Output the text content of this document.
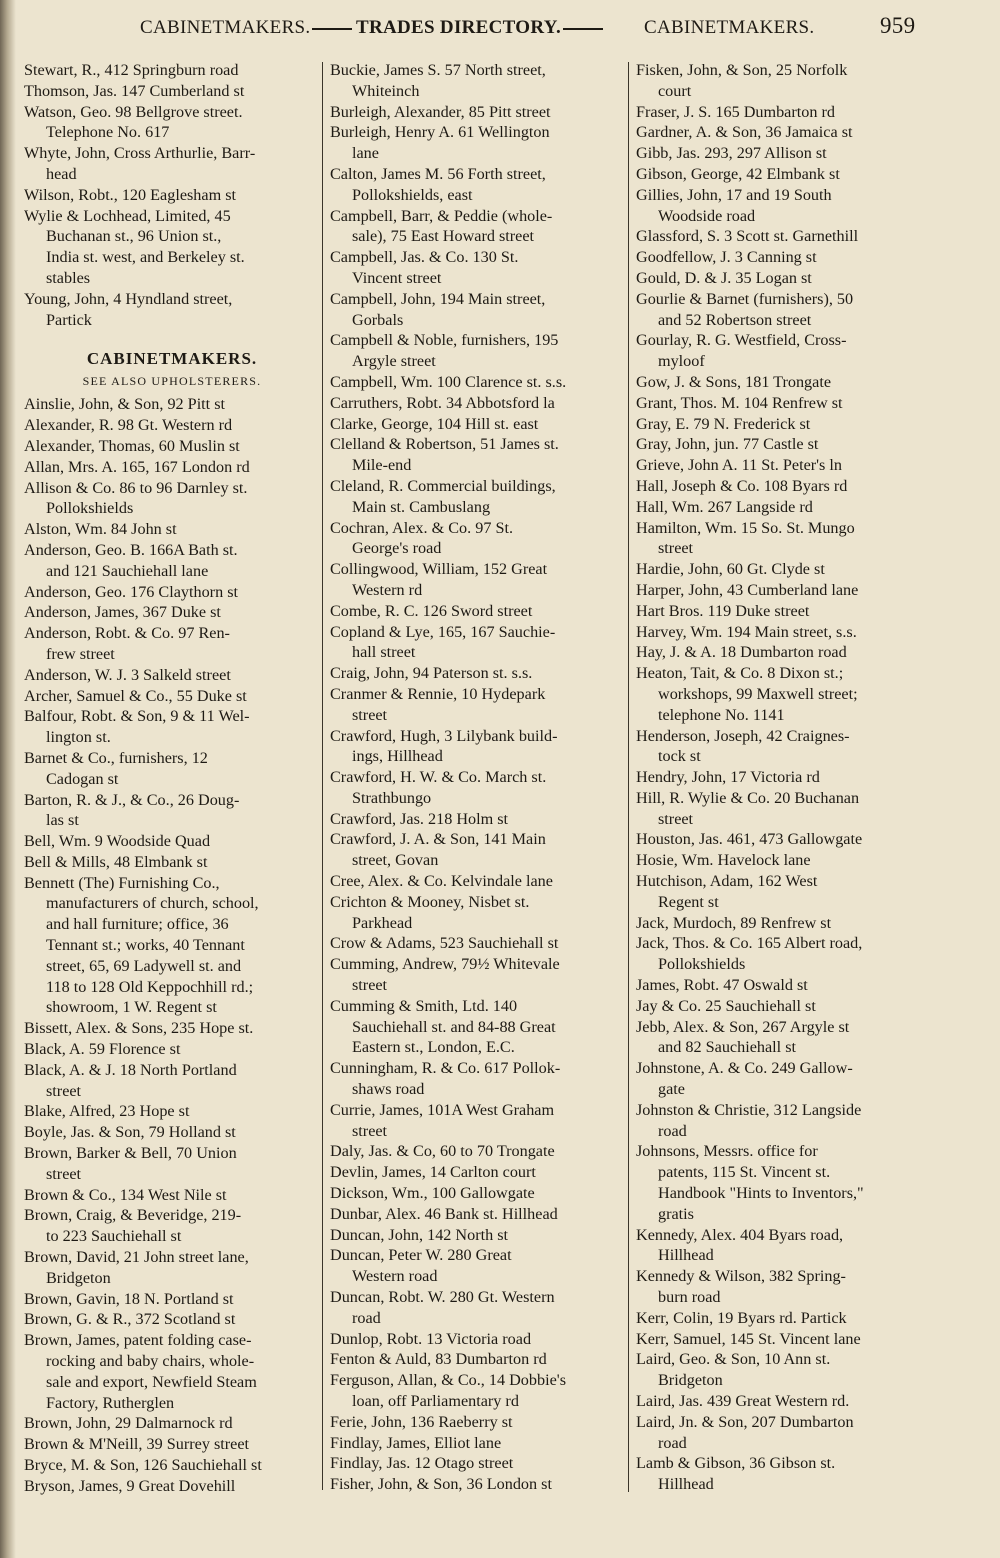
CABINETMAKERS.	TRADES DIRECTORY.	CABINETMAKERS.	959
Stewart, R., 412 Springburn road
Thomson, Jas. 147 Cumberland st
Watson, Geo. 98 Bellgrove street.
Telephone No. 617
Whyte, John, Cross Arthurlie, Barr-
head
Wilson, Robt., 120 Eaglesham st
Wylie & Lochhead, Limited, 45
Buchanan st., 96 Union st.,
India st. west, and Berkeley st.
stables
Young, John, 4 Hyndland street,
Partick
CABINETMAKERS.
SEE ALSO UPHOLSTERERS.
Ainslie, John, & Son, 92 Pitt st
Alexander, R. 98 Gt. Western rd
Alexander, Thomas, 60 Muslin st
Allan, Mrs. A. 165, 167 London rd
Allison & Co. 86 to 96 Darnley st.
Pollokshields
Alston, Wm. 84 John st
Anderson, Geo. B. 166A Bath st.
and 121 Sauchiehall lane
Anderson, Geo. 176 Claythorn st
Anderson, James, 367 Duke st
Anderson, Robt. & Co. 97 Ren-
frew street
Anderson, W. J. 3 Salkeld street
Archer, Samuel & Co., 55 Duke st
Balfour, Robt. & Son, 9 & 11 Wel-
lington st.
Barnet & Co., furnishers, 12
Cadogan st
Barton, R. & J., & Co., 26 Doug-
las st
Bell, Wm. 9 Woodside Quad
Bell & Mills, 48 Elmbank st
Bennett (The) Furnishing Co.,
manufacturers of church, school,
and hall furniture; office, 36
Tennant st.; works, 40 Tennant
street, 65, 69 Ladywell st. and
118 to 128 Old Keppochhill rd.;
showroom, 1 W. Regent st
Bissett, Alex. & Sons, 235 Hope st.
Black, A. 59 Florence st
Black, A. & J. 18 North Portland
street
Blake, Alfred, 23 Hope st
Boyle, Jas. & Son, 79 Holland st
Brown, Barker & Bell, 70 Union
street
Brown & Co., 134 West Nile st
Brown, Craig, & Beveridge, 219-
to 223 Sauchiehall st
Brown, David, 21 John street lane,
Bridgeton
Brown, Gavin, 18 N. Portland st
Brown, G. & R., 372 Scotland st
Brown, James, patent folding case-
rocking and baby chairs, whole-
sale and export, Newfield Steam
Factory, Rutherglen
Brown, John, 29 Dalmarnock rd
Brown & M'Neill, 39 Surrey street
Bryce, M. & Son, 126 Sauchiehall st
Bryson, James, 9 Great Dovehill
Buckie, James S. 57 North street,
Whiteinch
Burleigh, Alexander, 85 Pitt street
Burleigh, Henry A. 61 Wellington
lane
Calton, James M. 56 Forth street,
Pollokshields, east
Campbell, Barr, & Peddie (whole-
sale), 75 East Howard street
Campbell, Jas. & Co. 130 St.
Vincent street
Campbell, John, 194 Main street,
Gorbals
Campbell & Noble, furnishers, 195
Argyle street
Campbell, Wm. 100 Clarence st. s.s.
Carruthers, Robt. 34 Abbotsford la
Clarke, George, 104 Hill st. east
Clelland & Robertson, 51 James st.
Mile-end
Cleland, R. Commercial buildings,
Main st. Cambuslang
Cochran, Alex. & Co. 97 St.
George's road
Collingwood, William, 152 Great
Western rd
Combe, R. C. 126 Sword street
Copland & Lye, 165, 167 Sauchie-
hall street
Craig, John, 94 Paterson st. s.s.
Cranmer & Rennie, 10 Hydepark
street
Crawford, Hugh, 3 Lilybank build-
ings, Hillhead
Crawford, H. W. & Co. March st.
Strathbungo
Crawford, Jas. 218 Holm st
Crawford, J. A. & Son, 141 Main
street, Govan
Cree, Alex. & Co. Kelvindale lane
Crichton & Mooney, Nisbet st.
Parkhead
Crow & Adams, 523 Sauchiehall st
Cumming, Andrew, 79½ Whitevale
street
Cumming & Smith, Ltd. 140
Sauchiehall st. and 84-88 Great
Eastern st., London, E.C.
Cunningham, R. & Co. 617 Pollok-
shaws road
Currie, James, 101A West Graham
street
Daly, Jas. & Co, 60 to 70 Trongate
Devlin, James, 14 Carlton court
Dickson, Wm., 100 Gallowgate
Dunbar, Alex. 46 Bank st. Hillhead
Duncan, John, 142 North st
Duncan, Peter W. 280 Great
Western road
Duncan, Robt. W. 280 Gt. Western
road
Dunlop, Robt. 13 Victoria road
Fenton & Auld, 83 Dumbarton rd
Ferguson, Allan, & Co., 14 Dobbie's
loan, off Parliamentary rd
Ferie, John, 136 Raeberry st
Findlay, James, Elliot lane
Findlay, Jas. 12 Otago street
Fisher, John, & Son, 36 London st
Fisken, John, & Son, 25 Norfolk
court
Fraser, J. S. 165 Dumbarton rd
Gardner, A. & Son, 36 Jamaica st
Gibb, Jas. 293, 297 Allison st
Gibson, George, 42 Elmbank st
Gillies, John, 17 and 19 South
Woodside road
Glassford, S. 3 Scott st. Garnethill
Goodfellow, J. 3 Canning st
Gould, D. & J. 35 Logan st
Gourlie & Barnet (furnishers), 50
and 52 Robertson street
Gourlay, R. G. Westfield, Cross-
myloof
Gow, J. & Sons, 181 Trongate
Grant, Thos. M. 104 Renfrew st
Gray, E. 79 N. Frederick st
Gray, John, jun. 77 Castle st
Grieve, John A. 11 St. Peter's ln
Hall, Joseph & Co. 108 Byars rd
Hall, Wm. 267 Langside rd
Hamilton, Wm. 15 So. St. Mungo
street
Hardie, John, 60 Gt. Clyde st
Harper, John, 43 Cumberland lane
Hart Bros. 119 Duke street
Harvey, Wm. 194 Main street, s.s.
Hay, J. & A. 18 Dumbarton road
Heaton, Tait, & Co. 8 Dixon st.;
workshops, 99 Maxwell street;
telephone No. 1141
Henderson, Joseph, 42 Craignes-
tock st
Hendry, John, 17 Victoria rd
Hill, R. Wylie & Co. 20 Buchanan
street
Houston, Jas. 461, 473 Gallowgate
Hosie, Wm. Havelock lane
Hutchison, Adam, 162 West
Regent st
Jack, Murdoch, 89 Renfrew st
Jack, Thos. & Co. 165 Albert road,
Pollokshields
James, Robt. 47 Oswald st
Jay & Co. 25 Sauchiehall st
Jebb, Alex. & Son, 267 Argyle st
and 82 Sauchiehall st
Johnstone, A. & Co. 249 Gallow-
gate
Johnston & Christie, 312 Langside
road
Johnsons, Messrs. office for
patents, 115 St. Vincent st.
Handbook "Hints to Inventors,"
gratis
Kennedy, Alex. 404 Byars road,
Hillhead
Kennedy & Wilson, 382 Spring-
burn road
Kerr, Colin, 19 Byars rd. Partick
Kerr, Samuel, 145 St. Vincent lane
Laird, Geo. & Son, 10 Ann st.
Bridgeton
Laird, Jas. 439 Great Western rd.
Laird, Jn. & Son, 207 Dumbarton
road
Lamb & Gibson, 36 Gibson st.
Hillhead
